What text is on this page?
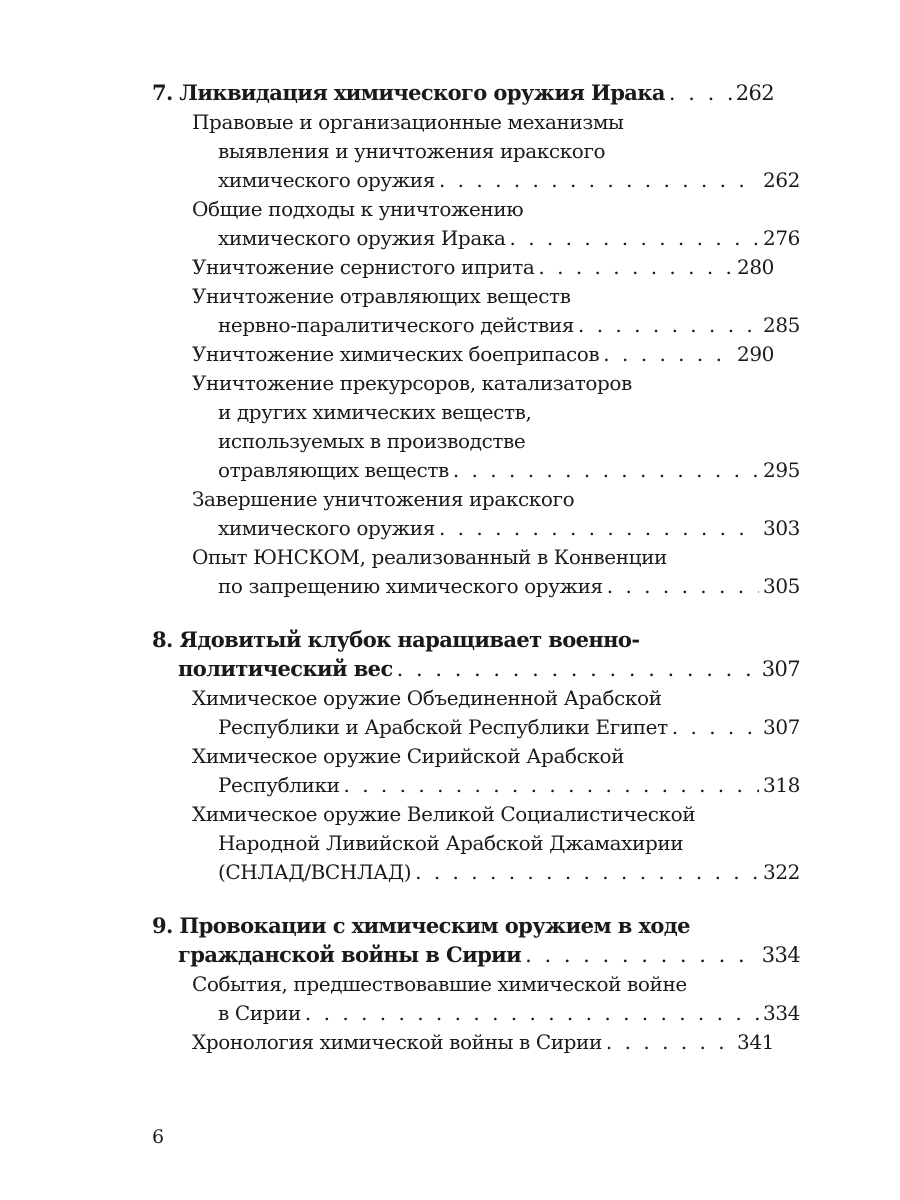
7. Ликвидация химического оружия Ирака . . .	262
Правовые и организационные механизмы
выявления и уничтожения иракского
химического оружия . . .	262
Общие подходы к уничтожению
химического оружия Ирака . . .	276
Уничтожение сернистого иприта . . .	280
Уничтожение отравляющих веществ
нервно-паралитического действия . . .	285
Уничтожение химических боеприпасов . . .	290
Уничтожение прекурсоров, катализаторов
и других химических веществ,
используемых в производстве
отравляющих веществ . . .	295
Завершение уничтожения иракского
химического оружия . . .	303
Опыт ЮНСКОМ, реализованный в Конвенции
по запрещению химического оружия . . .	305
8. Ядовитый клубок наращивает военно-
политический вес . . .	307
Химическое оружие Объединенной Арабской
Республики и Арабской Республики Египет . . .	307
Химическое оружие Сирийской Арабской
Республики . . .	318
Химическое оружие Великой Социалистической
Народной Ливийской Арабской Джамахирии
(СНЛАД/ВСНЛАД) . . .	322
9. Провокации с химическим оружием в ходе
гражданской войны в Сирии . . .	334
События, предшествовавшие химической войне
в Сирии . . .	334
Хронология химической войны в Сирии . . .	341
6
